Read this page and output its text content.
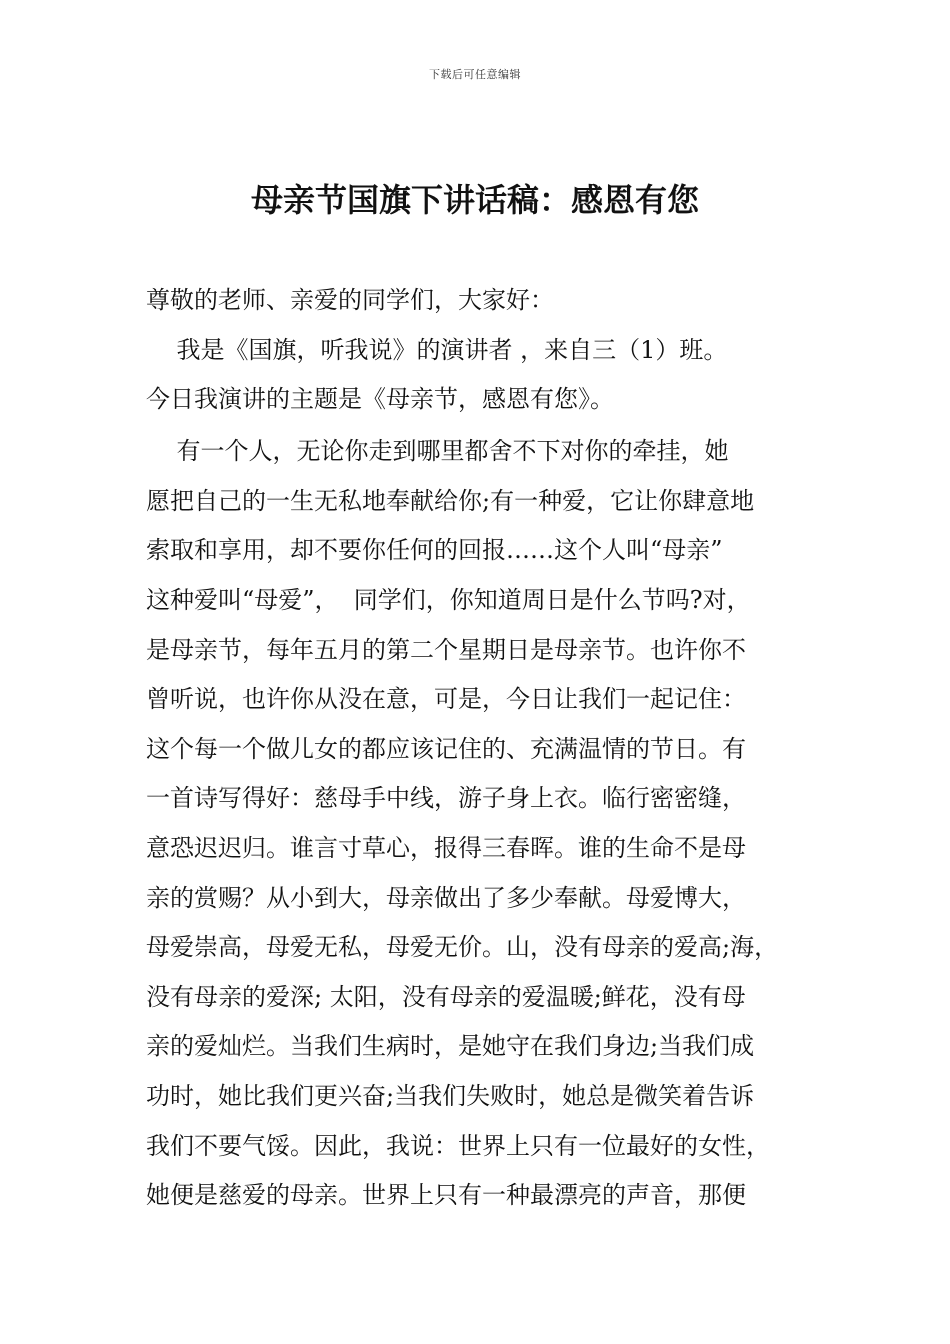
下载后可任意编辑
母亲节国旗下讲话稿：感恩有您
尊敬的老师、亲爱的同学们，大家好：
我是《国旗，听我说》的演讲者 ，来自三（1）班。
今日我演讲的主题是《母亲节，感恩有您》。
有一个人，无论你走到哪里都舍不下对你的牵挂，她
愿把自己的一生无私地奉献给你;有一种爱，它让你肆意地
索取和享用，却不要你任何的回报……这个人叫“母亲”
这种爱叫“母爱”，  同学们，你知道周日是什么节吗?对，
是母亲节，每年五月的第二个星期日是母亲节。也许你不
曾听说，也许你从没在意，可是，今日让我们一起记住：
这个每一个做儿女的都应该记住的、充满温情的节日。有
一首诗写得好：慈母手中线，游子身上衣。临行密密缝，
意恐迟迟归。谁言寸草心，报得三春晖。谁的生命不是母
亲的赏赐？从小到大，母亲做出了多少奉献。母爱博大，
母爱崇高，母爱无私，母爱无价。山，没有母亲的爱高;海，
没有母亲的爱深; 太阳，没有母亲的爱温暖;鲜花，没有母
亲的爱灿烂。当我们生病时，是她守在我们身边;当我们成
功时，她比我们更兴奋;当我们失败时，她总是微笑着告诉
我们不要气馁。因此，我说：世界上只有一位最好的女性，
她便是慈爱的母亲。世界上只有一种最漂亮的声音，那便
